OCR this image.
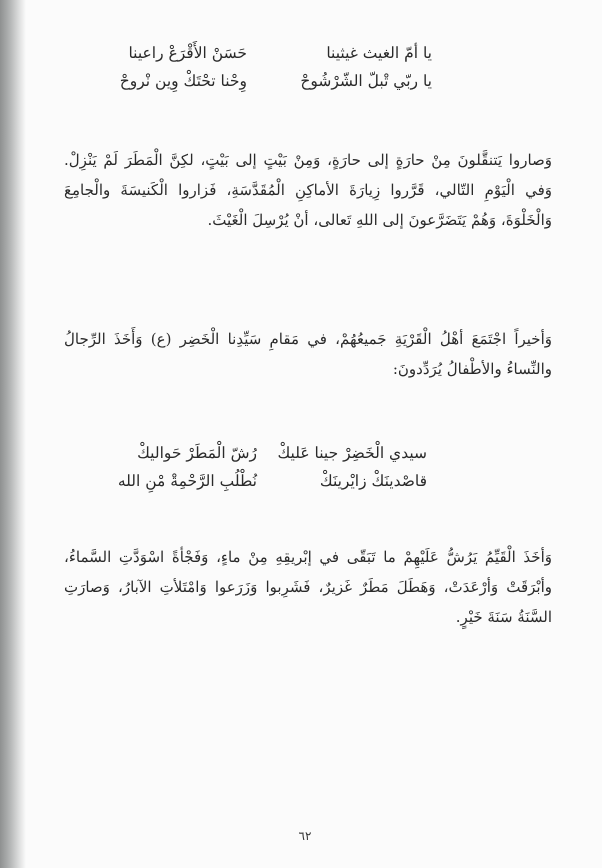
يا أمّ الغيث غيثينا
حَسَنْ الأَقْرَعْ راعينا
يا ربّي تْبلّ الشّرْشُوحْ
وِحْنا تحْتَكْ وِين نْروحْ

وَصاروا يَتنقَّلونَ مِنْ حارَةٍ إلى حارَةٍ، وَمِنْ بَيْتٍ إلى بَيْتٍ، لكِنَّ الْمَطَرَ لَمْ يَنْزِلْ. وَفي الْيَوْمِ التّالي، قَرَّروا زِيارَةَ الأماكِنِ الْمُقَدَّسَةِ، فَزاروا الْكَنيسَةَ والْجامِعَ وَالْخَلْوَةَ، وَهُمْ يَتَضَرَّعونَ إلى اللهِ تَعالى، أنْ يُرْسِلَ الْغَيْثَ.

وَأخيراً اجْتَمَعَ أهْلُ الْقَرْيَةِ جَميعُهُمْ، في مَقامِ سَيِّدِنا الْخَضِر (ع) وَأَخَذَ الرِّجالُ والنِّساءُ والأطْفالُ يُرَدِّدونَ:

سيدي الْخَضِرْ جينا عَليكْ
رُشّ الْمَطَرْ حَواليكْ
قاصْدينَكْ زايْرينَكْ
نُطْلُبِ الرَّحْمِةْ مْنِ الله

وَأخَذَ الْقَيِّمُ يَرُشُّ عَلَيْهِمْ ما تَبَقّى في إبْريقِهِ مِنْ ماءٍ، وَفَجْأةً اسْوَدَّتِ السَّماءُ، وأبْرَقَتْ وَأرْعَدَتْ، وَهَطَلَ مَطَرٌ غَزيرٌ، فَشَرِبوا وَزَرَعوا وَامْتَلأتِ الآبارُ، وَصارَتِ السَّنَةُ سَنَةَ خَيْرٍ.

٦٢
